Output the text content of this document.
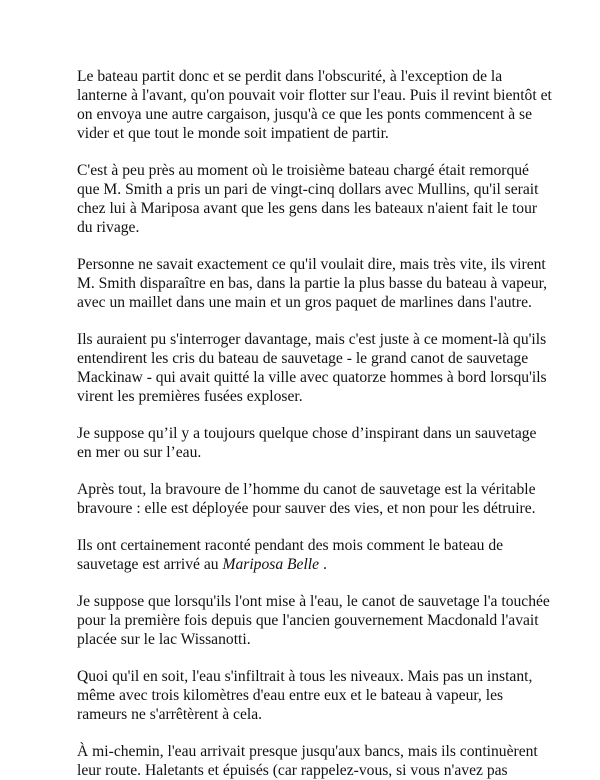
Le bateau partit donc et se perdit dans l'obscurité, à l'exception de la
lanterne à l'avant, qu'on pouvait voir flotter sur l'eau. Puis il revint bientôt et
on envoya une autre cargaison, jusqu'à ce que les ponts commencent à se
vider et que tout le monde soit impatient de partir.

C'est à peu près au moment où le troisième bateau chargé était remorqué
que M. Smith a pris un pari de vingt-cinq dollars avec Mullins, qu'il serait
chez lui à Mariposa avant que les gens dans les bateaux n'aient fait le tour
du rivage.

Personne ne savait exactement ce qu'il voulait dire, mais très vite, ils virent
M. Smith disparaître en bas, dans la partie la plus basse du bateau à vapeur,
avec un maillet dans une main et un gros paquet de marlines dans l'autre.

Ils auraient pu s'interroger davantage, mais c'est juste à ce moment-là qu'ils
entendirent les cris du bateau de sauvetage - le grand canot de sauvetage
Mackinaw - qui avait quitté la ville avec quatorze hommes à bord lorsqu'ils
virent les premières fusées exploser.

Je suppose qu’il y a toujours quelque chose d’inspirant dans un sauvetage
en mer ou sur l’eau.

Après tout, la bravoure de l’homme du canot de sauvetage est la véritable
bravoure : elle est déployée pour sauver des vies, et non pour les détruire.

Ils ont certainement raconté pendant des mois comment le bateau de
sauvetage est arrivé au Mariposa Belle .

Je suppose que lorsqu'ils l'ont mise à l'eau, le canot de sauvetage l'a touchée
pour la première fois depuis que l'ancien gouvernement Macdonald l'avait
placée sur le lac Wissanotti.

Quoi qu'il en soit, l'eau s'infiltrait à tous les niveaux. Mais pas un instant,
même avec trois kilomètres d'eau entre eux et le bateau à vapeur, les
rameurs ne s'arrêtèrent à cela.

À mi-chemin, l'eau arrivait presque jusqu'aux bancs, mais ils continuèrent
leur route. Haletants et épuisés (car rappelez-vous, si vous n'avez pas
